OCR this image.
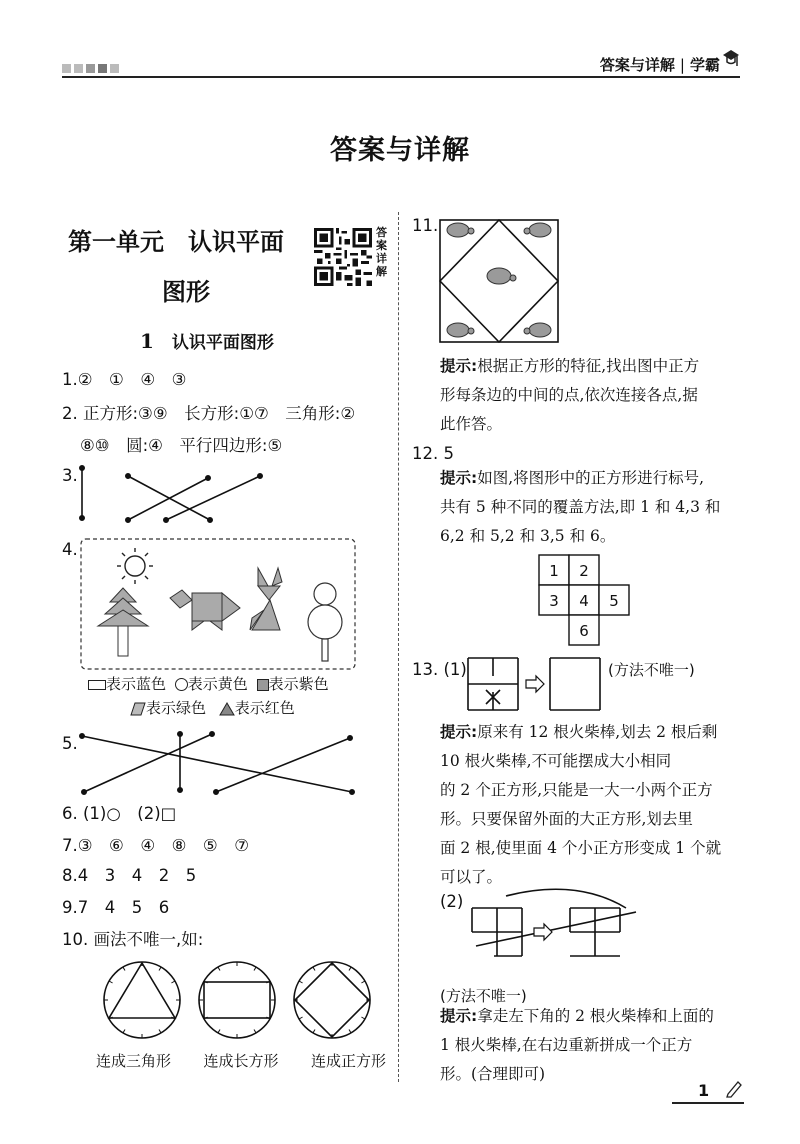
答案与详解 | 学霸
答案与详解
第一单元　认识平面
图形
答案详解
1 认识平面图形
1.②　①　④　③
2. 正方形:③⑨　长方形:①⑦　三角形:②
⑧⑩　圆:④　平行四边形:⑤
3.
4.
表示蓝色 表示黄色 表示紫色
表示绿色 表示红色
5.
6. (1)○　(2)□
7.③　⑥　④　⑧　⑤　⑦
8.4　3　4　2　5
9.7　4　5　6
10. 画法不唯一,如:
连成三角形 连成长方形 连成正方形
11.
提示:根据正方形的特征,找出图中正方
形每条边的中间的点,依次连接各点,据
此作答。
12. 5
提示:如图,将图形中的正方形进行标号,
共有 5 种不同的覆盖方法,即 1 和 4,3 和
6,2 和 5,2 和 3,5 和 6。
1 2
3 4 5
6
13. (1)	(方法不唯一)
提示:原来有 12 根火柴棒,划去 2 根后剩
10 根火柴棒,不可能摆成大小相同
的 2 个正方形,只能是一大一小两个正方
形。只要保留外面的大正方形,划去里
面 2 根,使里面 4 个小正方形变成 1 个就
可以了。
(2)
(方法不唯一)
提示:拿走左下角的 2 根火柴棒和上面的
1 根火柴棒,在右边重新拼成一个正方
形。(合理即可)
1
